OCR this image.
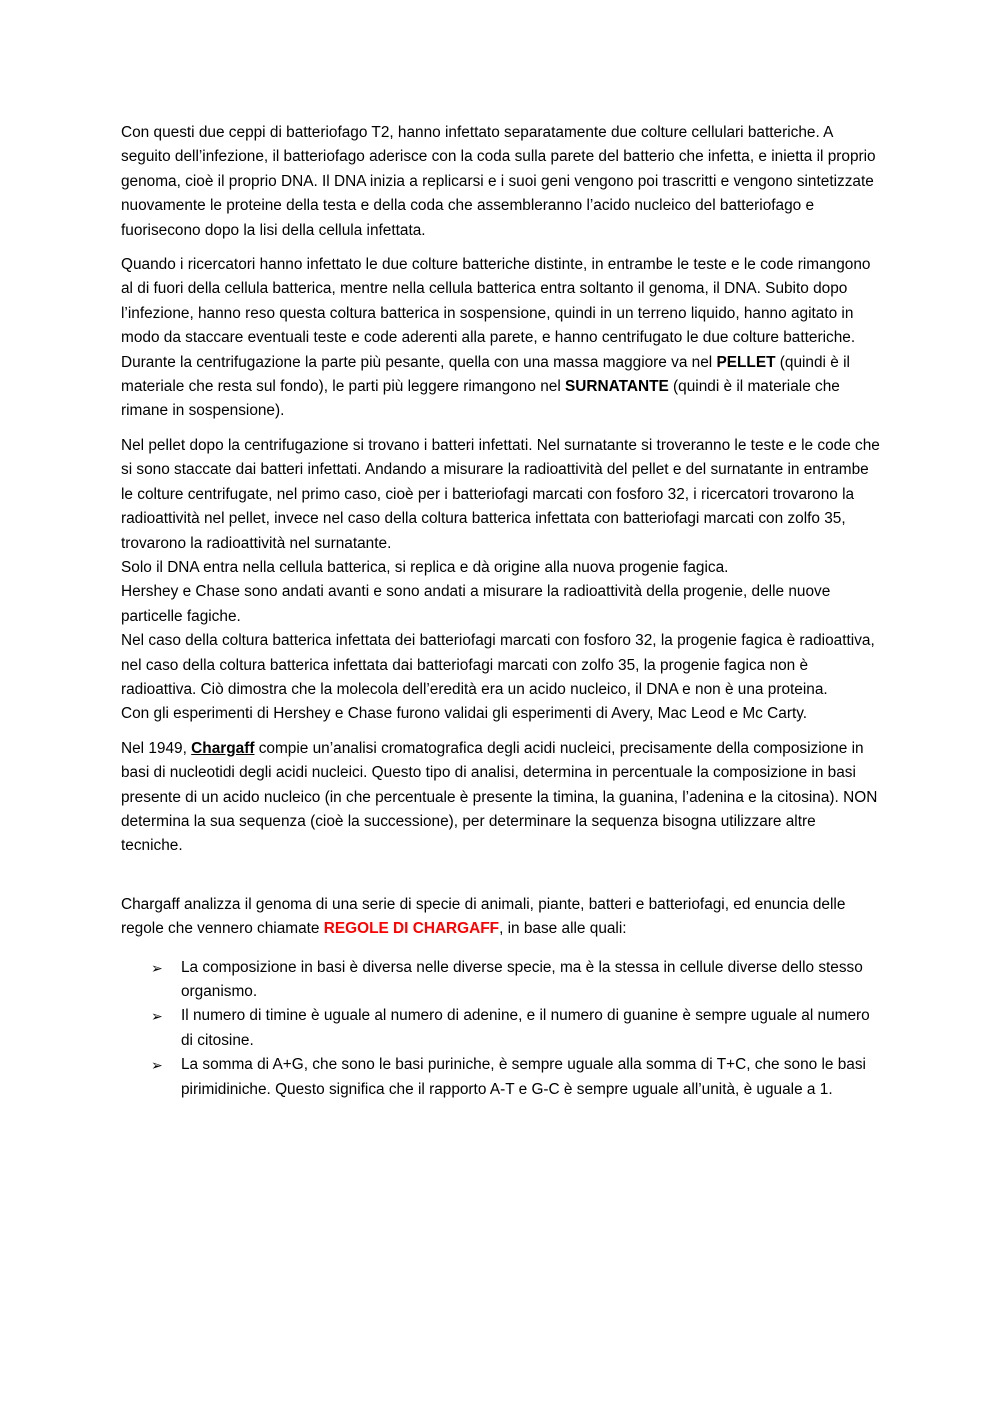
Con questi due ceppi di batteriofago T2, hanno infettato separatamente due colture cellulari batteriche. A seguito dell’infezione, il batteriofago aderisce con la coda sulla parete del batterio che infetta, e inietta il proprio genoma, cioè il proprio DNA. Il DNA inizia a replicarsi e i suoi geni vengono poi trascritti e vengono sintetizzate nuovamente le proteine della testa e della coda che assembleranno l’acido nucleico del batteriofago e fuorisecono dopo la lisi della cellula infettata.

Quando i ricercatori hanno infettato le due colture batteriche distinte, in entrambe le teste e le code rimangono al di fuori della cellula batterica, mentre nella cellula batterica entra soltanto il genoma, il DNA. Subito dopo l’infezione, hanno reso questa coltura batterica in sospensione, quindi in un terreno liquido, hanno agitato in modo da staccare eventuali teste e code aderenti alla parete, e hanno centrifugato le due colture batteriche.

Durante la centrifugazione la parte più pesante, quella con una massa maggiore va nel PELLET (quindi è il materiale che resta sul fondo), le parti più leggere rimangono nel SURNATANTE (quindi è il materiale che rimane in sospensione).

Nel pellet dopo la centrifugazione si trovano i batteri infettati. Nel surnatante si troveranno le teste e le code che si sono staccate dai batteri infettati. Andando a misurare la radioattività del pellet e del surnatante in entrambe le colture centrifugate, nel primo caso, cioè per i batteriofagi marcati con fosforo 32, i ricercatori trovarono la radioattività nel pellet, invece nel caso della coltura batterica infettata con batteriofagi marcati con zolfo 35, trovarono la radioattività nel surnatante.

Solo il DNA entra nella cellula batterica, si replica e dà origine alla nuova progenie fagica.

Hershey e Chase sono andati avanti e sono andati a misurare la radioattività della progenie, delle nuove particelle fagiche.

Nel caso della coltura batterica infettata dei batteriofagi marcati con fosforo 32, la progenie fagica è radioattiva, nel caso della coltura batterica infettata dai batteriofagi marcati con zolfo 35, la progenie fagica non è radioattiva. Ciò dimostra che la molecola dell’eredità era un acido nucleico, il DNA e non è una proteina.

Con gli esperimenti di Hershey e Chase furono validai gli esperimenti di Avery, Mac Leod e Mc Carty.

Nel 1949, Chargaff compie un’analisi cromatografica degli acidi nucleici, precisamente della composizione in basi di nucleotidi degli acidi nucleici. Questo tipo di analisi, determina in percentuale la composizione in basi presente di un acido nucleico (in che percentuale è presente la timina, la guanina, l’adenina e la citosina). NON determina la sua sequenza (cioè la successione), per determinare la sequenza bisogna utilizzare altre tecniche.

Chargaff analizza il genoma di una serie di specie di animali, piante, batteri e batteriofagi, ed enuncia delle regole che vennero chiamate REGOLE DI CHARGAFF, in base alle quali:

➢ La composizione in basi è diversa nelle diverse specie, ma è la stessa in cellule diverse dello stesso organismo.
➢ Il numero di timine è uguale al numero di adenine, e il numero di guanine è sempre uguale al numero di citosine.
➢ La somma di A+G, che sono le basi puriniche, è sempre uguale alla somma di T+C, che sono le basi pirimidiniche. Questo significa che il rapporto A-T e G-C è sempre uguale all’unità, è uguale a 1.
